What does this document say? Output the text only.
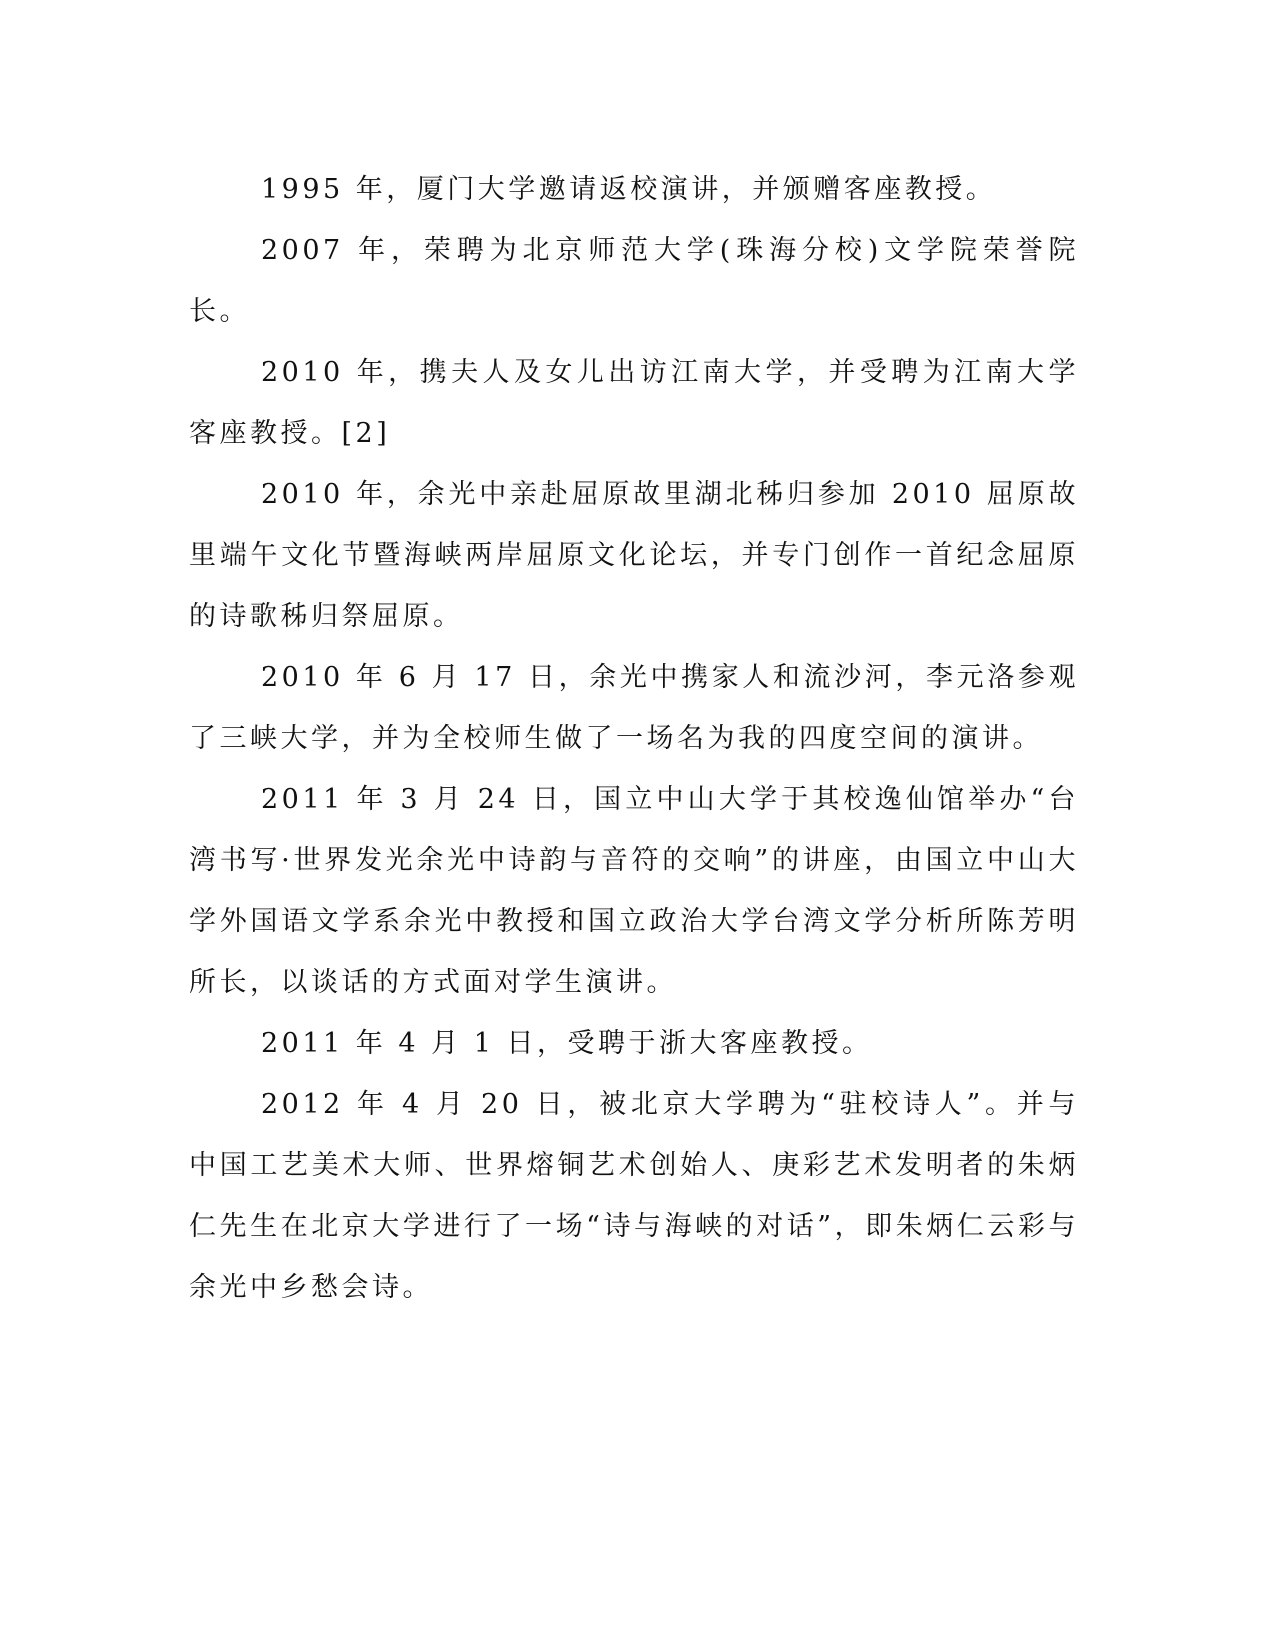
1995 年，厦门大学邀请返校演讲，并颁赠客座教授。

2007 年，荣聘为北京师范大学(珠海分校)文学院荣誉院长。

2010 年，携夫人及女儿出访江南大学，并受聘为江南大学客座教授。[2]

2010 年，余光中亲赴屈原故里湖北秭归参加 2010 屈原故里端午文化节暨海峡两岸屈原文化论坛，并专门创作一首纪念屈原的诗歌秭归祭屈原。

2010 年 6 月 17 日，余光中携家人和流沙河，李元洛参观了三峡大学，并为全校师生做了一场名为我的四度空间的演讲。

2011 年 3 月 24 日，国立中山大学于其校逸仙馆举办“台湾书写·世界发光余光中诗韵与音符的交响”的讲座，由国立中山大学外国语文学系余光中教授和国立政治大学台湾文学分析所陈芳明所长，以谈话的方式面对学生演讲。

2011 年 4 月 1 日，受聘于浙大客座教授。

2012 年 4 月 20 日，被北京大学聘为“驻校诗人”。并与中国工艺美术大师、世界熔铜艺术创始人、庚彩艺术发明者的朱炳仁先生在北京大学进行了一场“诗与海峡的对话”，即朱炳仁云彩与余光中乡愁会诗。
